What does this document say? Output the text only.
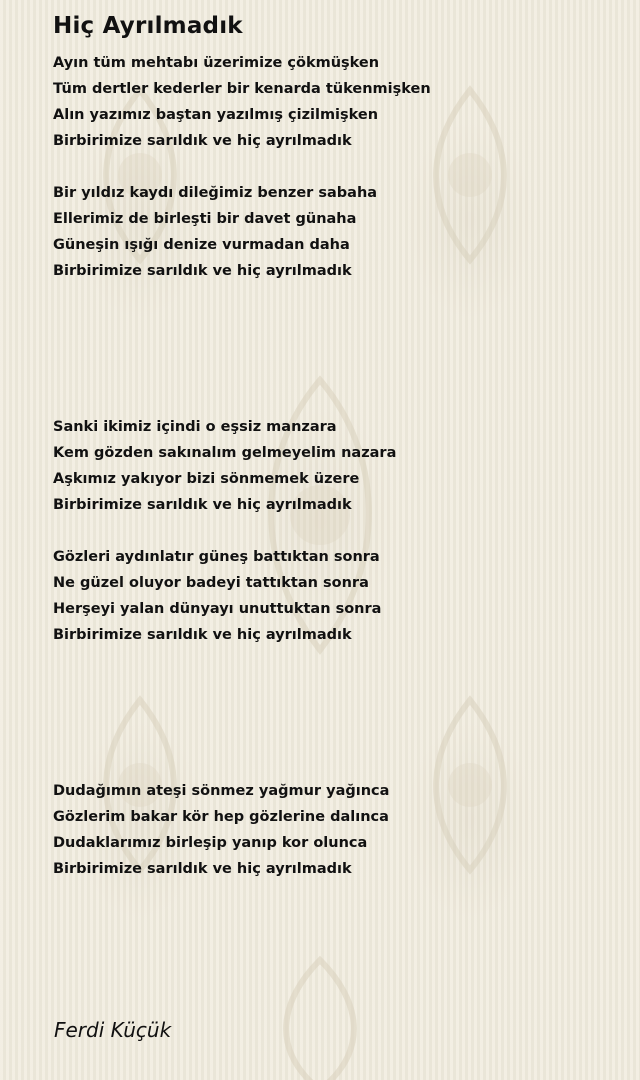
Hiç Ayrılmadık
Ayın tüm mehtabı üzerimize çökmüşken
Tüm dertler kederler bir kenarda tükenmişken
Alın yazımız baştan yazılmış çizilmişken
Birbirimize sarıldık ve hiç ayrılmadık
Bir yıldız kaydı dileğimiz benzer sabaha
Ellerimiz de birleşti bir davet günaha
Güneşin ışığı denize vurmadan daha
Birbirimize sarıldık ve hiç ayrılmadık
Sanki ikimiz içindi o eşsiz manzara
Kem gözden sakınalım gelmeyelim nazara
Aşkımız yakıyor bizi sönmemek üzere
Birbirimize sarıldık ve hiç ayrılmadık
Gözleri aydınlatır güneş battıktan sonra
Ne güzel oluyor badeyi tattıktan sonra
Herşeyi yalan dünyayı unuttuktan sonra
Birbirimize sarıldık ve hiç ayrılmadık
Dudağımın ateşi sönmez yağmur yağınca
Gözlerim bakar kör hep gözlerine dalınca
Dudaklarımız birleşip yanıp kor olunca
Birbirimize sarıldık ve hiç ayrılmadık
Ferdi Küçük
